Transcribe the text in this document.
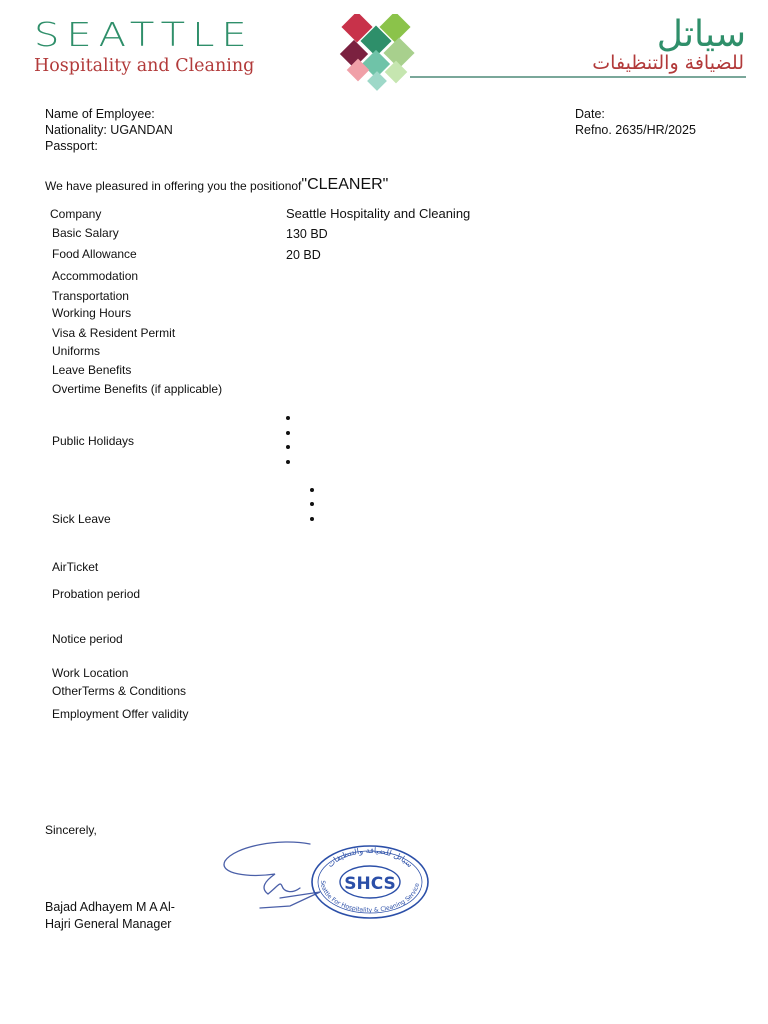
SEATTLE
Hospitality and Cleaning
سياتل
للضيافة والتنظيفات
Name of Employee:
Nationality: UGANDAN
Passport:
Date:
Refno. 2635/HR/2025
We have pleasured in offering you the positionof"CLEANER"
Company	Seattle Hospitality and Cleaning
Basic Salary	130 BD
Food Allowance	20 BD
Accommodation
Transportation
Working Hours
Visa & Resident Permit
Uniforms
Leave Benefits
Overtime Benefits (if applicable)
Public Holidays
Sick Leave
AirTicket
Probation period
Notice period
Work Location
OtherTerms & Conditions
Employment Offer validity
Sincerely,
Bajad Adhayem M A Al-
Hajri General Manager
SHCS
Seattle For Hospitality & Cleaning Service
سياتل للضيافة والتنظيفات
